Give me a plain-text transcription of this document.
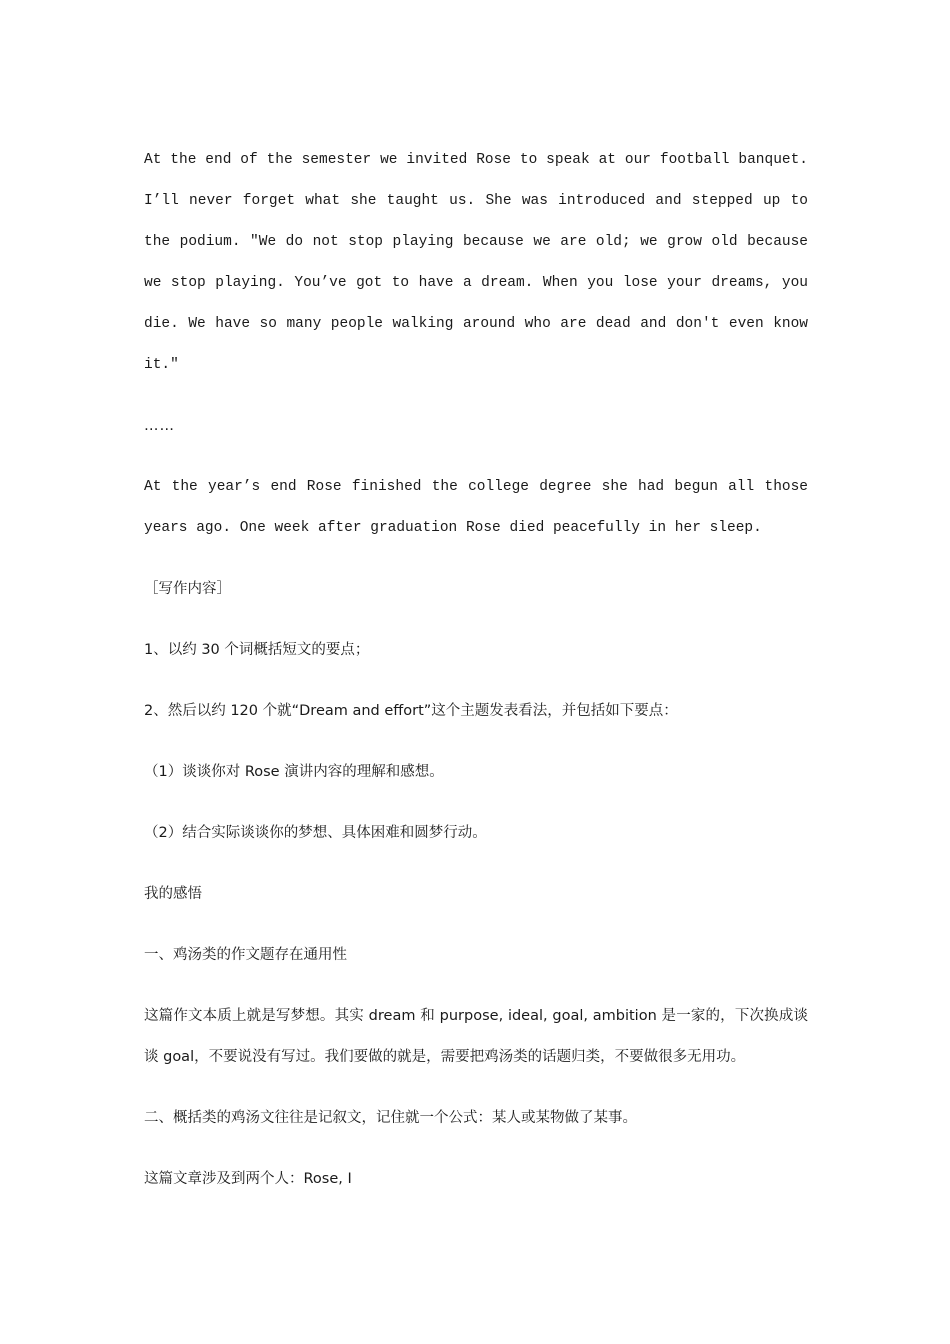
At the end of the semester we invited Rose to speak at our football banquet. I’ll never forget what she taught us. She was introduced and stepped up to the podium. "We do not stop playing because we are old; we grow old because we stop playing. You’ve got to have a dream. When you lose your dreams, you die. We have so many people walking around who are dead and don't even know it."

……

At the year’s end Rose finished the college degree she had begun all those years ago. One week after graduation Rose died peacefully in her sleep.

［写作内容］

1、以约 30 个词概括短文的要点；

2、然后以约 120 个就“Dream and effort”这个主题发表看法，并包括如下要点：

（1）谈谈你对 Rose 演讲内容的理解和感想。

（2）结合实际谈谈你的梦想、具体困难和圆梦行动。

我的感悟

一、鸡汤类的作文题存在通用性

这篇作文本质上就是写梦想。其实 dream 和 purpose, ideal, goal, ambition 是一家的，下次换成谈谈 goal，不要说没有写过。我们要做的就是，需要把鸡汤类的话题归类，不要做很多无用功。

二、概括类的鸡汤文往往是记叙文，记住就一个公式：某人或某物做了某事。

这篇文章涉及到两个人：Rose, I
